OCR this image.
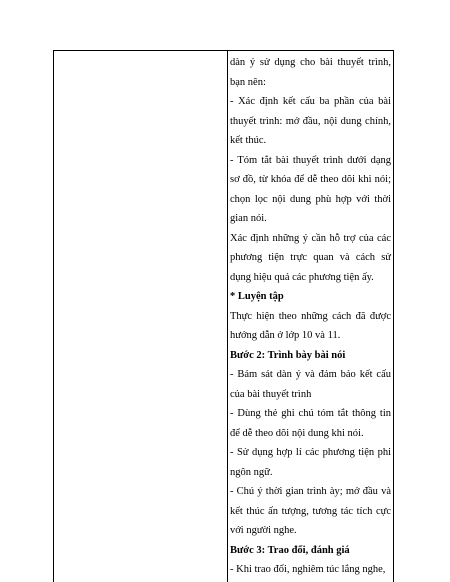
dàn ý sử dụng cho bài thuyết trình, bạn nên:

- Xác định kết cấu ba phần của bài thuyết trình: mở đầu, nội dung chính, kết thúc.

- Tóm tắt bài thuyết trình dưới dạng sơ đồ, từ khóa để dễ theo dõi khi nói; chọn lọc nội dung phù hợp với thời gian nói.

Xác định những ý cần hỗ trợ của các phương tiện trực quan và cách sử dụng hiệu quả các phương tiện ấy.

* Luyện tập

Thực hiện theo những cách đã được hướng dẫn ở lớp 10 và 11.

Bước 2: Trình bày bài nói

- Bám sát dàn ý và đảm bảo kết cấu của bài thuyết trình

- Dùng thẻ ghi chú tóm tắt thông tin để dễ theo dõi nội dung khi nói.

- Sử dụng hợp lí các phương tiện phi ngôn ngữ.

- Chú ý thời gian trình ày; mở đầu và kết thúc ấn tượng, tương tác tích cực với người nghe.

Bước 3: Trao đổi, đánh giá

- Khi trao đổi, nghiêm túc lắng nghe,
